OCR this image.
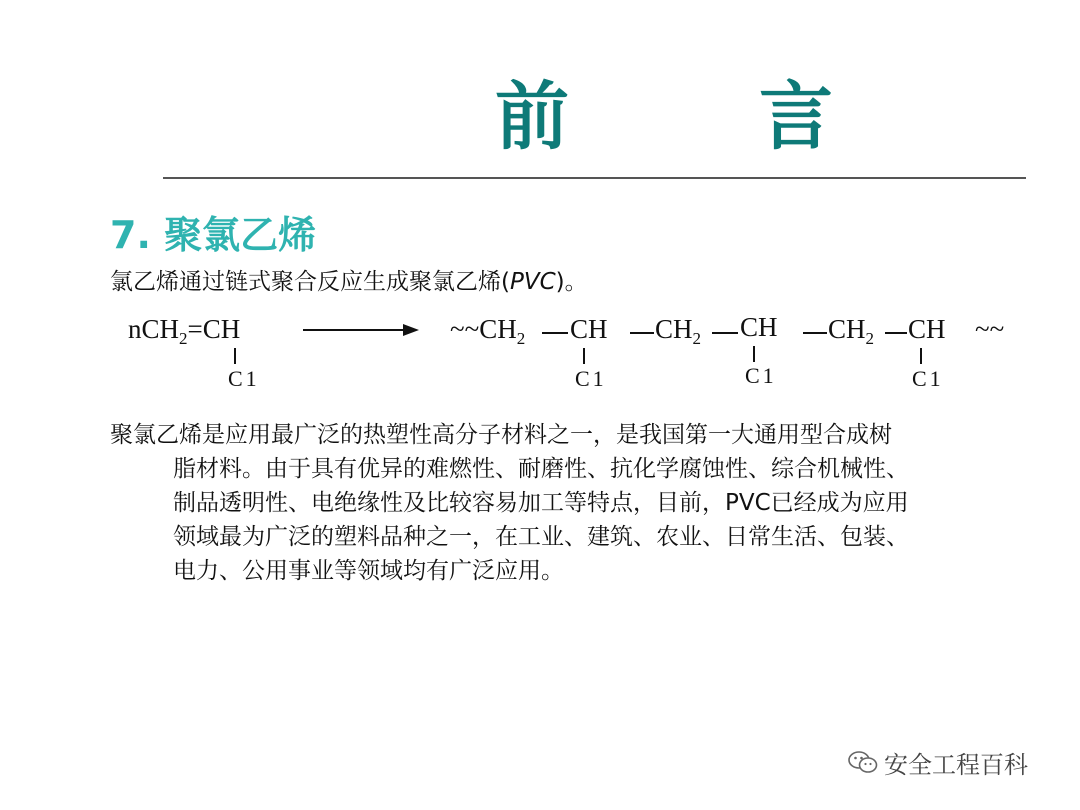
前　言
7. 聚氯乙烯
氯乙烯通过链式聚合反应生成聚氯乙烯(PVC)。
nCH$_2$=CH
C1
$\sim\sim CH_2$ CH
C1
$CH_2$ CH
C1
$CH_2$ CH
C1
~~
聚氯乙烯是应用最广泛的热塑性高分子材料之一，是我国第一大通用型合成树
脂材料。由于具有优异的难燃性、耐磨性、抗化学腐蚀性、综合机械性、
制品透明性、电绝缘性及比较容易加工等特点，目前，PVC已经成为应用
领域最为广泛的塑料品种之一，在工业、建筑、农业、日常生活、包装、
电力、公用事业等领域均有广泛应用。
安全工程百科
